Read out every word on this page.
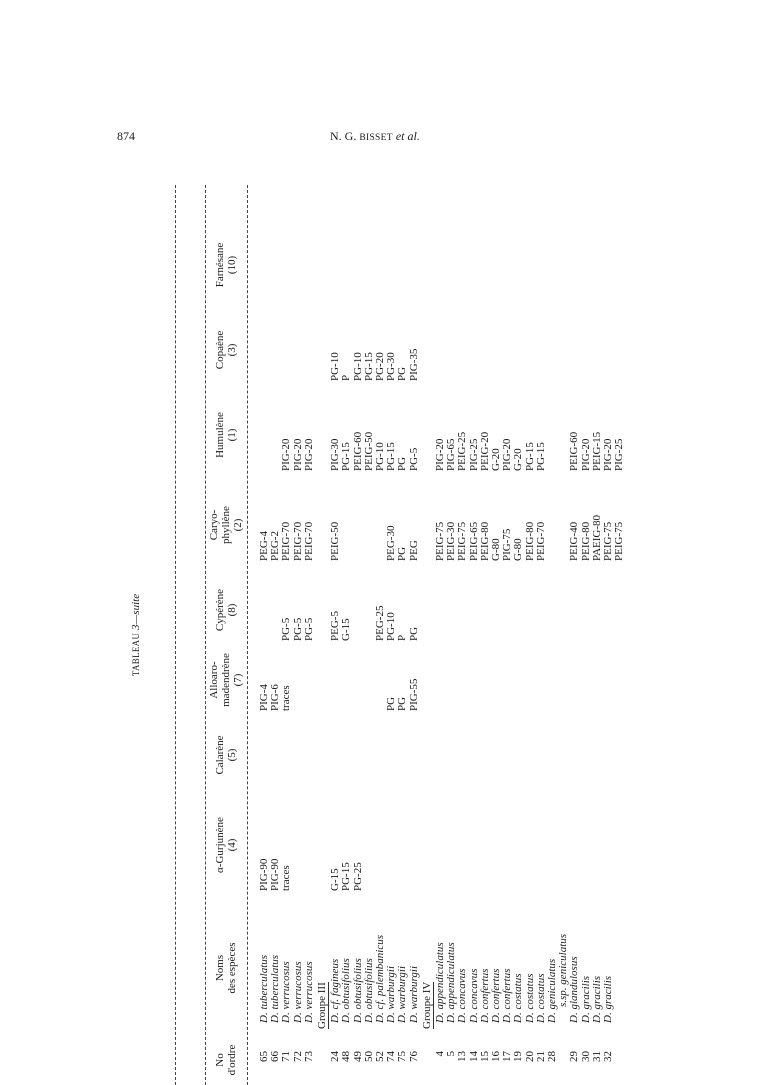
874	N. G. BISSET et al.
TABLEAU 3—suite
No d'ordre
Noms des espèces
α-Gurjunène (4)
Calarène (5)
Alloaro- madendrène (7)
Cypérène (8)
Caryo- phyllène (2)
Humulène (1)
Copaène (3)
Farnésane (10)
65
D. tuberculatus
PIG-90
PIG-4
PEG-4
66
D. tuberculatus
PIG-90
PIG-6
PEG-2
71
D. verrucosus
traces
traces
PG-5
PEIG-70
PIG-20
72
D. verrucosus
PG-5
PEIG-70
PIG-20
73
D. verrucosus
PG-5
PEIG-70
PIG-20
Groupe III
24
D. cf. fagineus
G-15
PEG-5
PEIG-50
PIG-30
PG-10
48
D. obtusifolius
PG-15
G-15
PG-15
P
49
D. obtusifolius
PG-25
PEIG-60
PG-10
50
D. obtusifolius
PEIG-50
PG-15
52
D. cf. palembanicus
PEG-25
PG-10
PG-20
74
D. warburgii
PG
PG-10
PEG-30
PG-15
PG-30
75
D. warburgii
PG
P
PG
PG
PG
76
D. warburgii
PIG-55
PG
PEG
PG-5
PIG-35
Groupe IV
4
D. appendiculatus
PEIG-75
PIG-20
5
D. appendiculatus
PEIG-30
PIG-65
13
D. concavus
PEIG-75
PEIG-25
14
D. concavus
PEIG-65
PIG-25
15
D. confertus
PEIG-80
PEIG-20
16
D. confertus
G-80
G-20
17
D. confertus
PIG-75
PIG-20
19
D. costatus
G-80
G-20
20
D. costatus
PEIG-80
PG-15
21
D. costatus
PEIG-70
PG-15
28
D. geniculatus s.sp. geniculatus
29
D. glandulosus
PEIG-40
PEIG-60
30
D. gracilis
PEIG-80
PIG-20
31
D. gracilis
PAEIG-80
PEIG-15
32
D. gracilis
PEIG-75
PIG-20
PEIG-75
PIG-25
